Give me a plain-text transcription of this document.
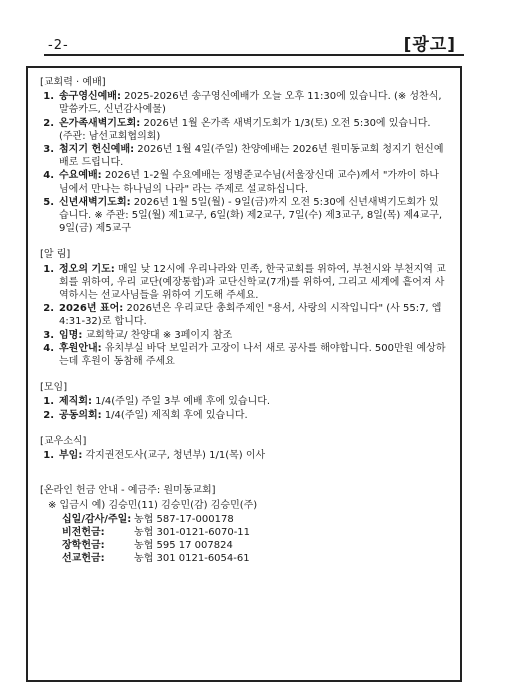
-2-	[광고]
[교회력 · 예배]
1. 송구영신예배: 2025-2026년 송구영신예배가 오늘 오후 11:30에 있습니다. (※ 성찬식, 말씀카드, 신년감사예물)
2. 온가족새벽기도회: 2026년 1월 온가족 새벽기도회가 1/3(토) 오전 5:30에 있습니다. (주관: 남선교회협의회)
3. 첨지기 헌신예배: 2026년 1월 4일(주일) 찬양예배는 2026년 원미동교회 청지기 헌신예배로 드립니다.
4. 수요예배: 2026년 1-2월 수요예배는 정병준교수님(서울장신대 교수)께서 "가까이 하나님에서 만나는 하나님의 나라" 라는 주제로 설교하십니다.
5. 신년새벽기도회: 2026년 1월 5일(월) - 9일(금)까지 오전 5:30에 신년새벽기도회가 있습니다. ※ 주관: 5일(월) 제1교구, 6일(화) 제2교구, 7일(수) 제3교구, 8일(목) 제4교구, 9일(금) 제5교구
[알 림]
1. 정오의 기도: 매일 낮 12시에 우리나라와 민족, 한국교회를 위하여, 부천시와 부천지역 교회를 위하여, 우리 교단(예장통합)과 교단신학교(7개)를 위하여, 그리고 세계에 흩어져 사역하시는 선교사님들을 위하여 기도해 주세요.
2. 2026년 표어: 2026년은 우리교단 총회주제인 "용서, 사랑의 시작입니다" (사 55:7, 엡 4:31-32)로 합니다.
3. 임명: 교회학교/ 찬양대 ※ 3페이지 참조
4. 후원안내: 유치부실 바닥 보일러가 고장이 나서 새로 공사를 해야합니다. 500만원 예상하는데 후원이 동참해 주세요
[모임]
1. 제직회: 1/4(주일) 주일 3부 예배 후에 있습니다.
2. 공동의회: 1/4(주일) 제직회 후에 있습니다.
[교우소식]
1. 부임: 각지권전도사(교구, 청년부) 1/1(목) 이사
[온라인 헌금 안내 - 예금주: 원미동교회]
※ 입금시 예) 김승민(11) 김승민(감) 김승민(주)
십일/감사/주일: 농협 587-17-000178
비전헌금:	농협 301-0121-6070-11
장학헌금:	농협 595 17 007824
선교헌금:	농협 301 0121-6054-61
